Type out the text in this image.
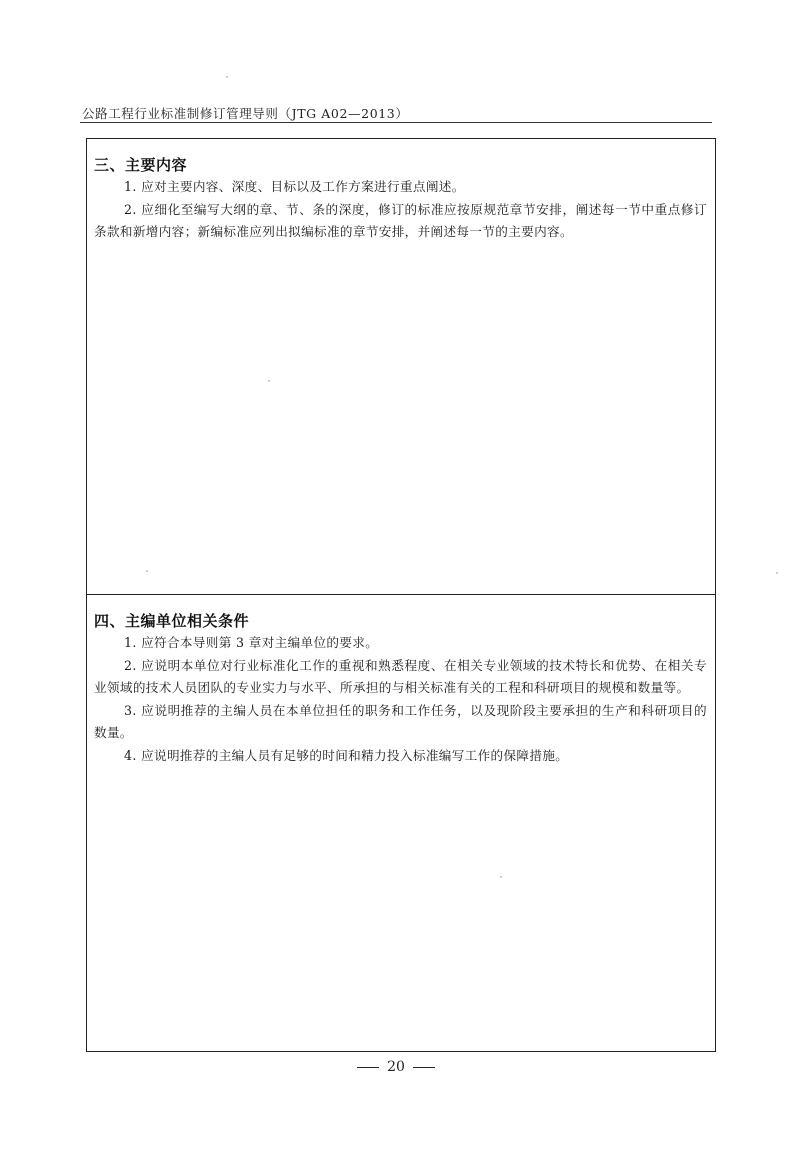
公路工程行业标准制修订管理导则（JTG A02—2013）
三、主要内容

1. 应对主要内容、深度、目标以及工作方案进行重点阐述。

2. 应细化至编写大纲的章、节、条的深度，修订的标准应按原规范章节安排，阐述每一节中重点修订条款和新增内容；新编标准应列出拟编标准的章节安排，并阐述每一节的主要内容。

四、主编单位相关条件

1. 应符合本导则第 3 章对主编单位的要求。

2. 应说明本单位对行业标准化工作的重视和熟悉程度、在相关专业领域的技术特长和优势、在相关专业领域的技术人员团队的专业实力与水平、所承担的与相关标准有关的工程和科研项目的规模和数量等。

3. 应说明推荐的主编人员在本单位担任的职务和工作任务，以及现阶段主要承担的生产和科研项目的数量。

4. 应说明推荐的主编人员有足够的时间和精力投入标准编写工作的保障措施。

20
